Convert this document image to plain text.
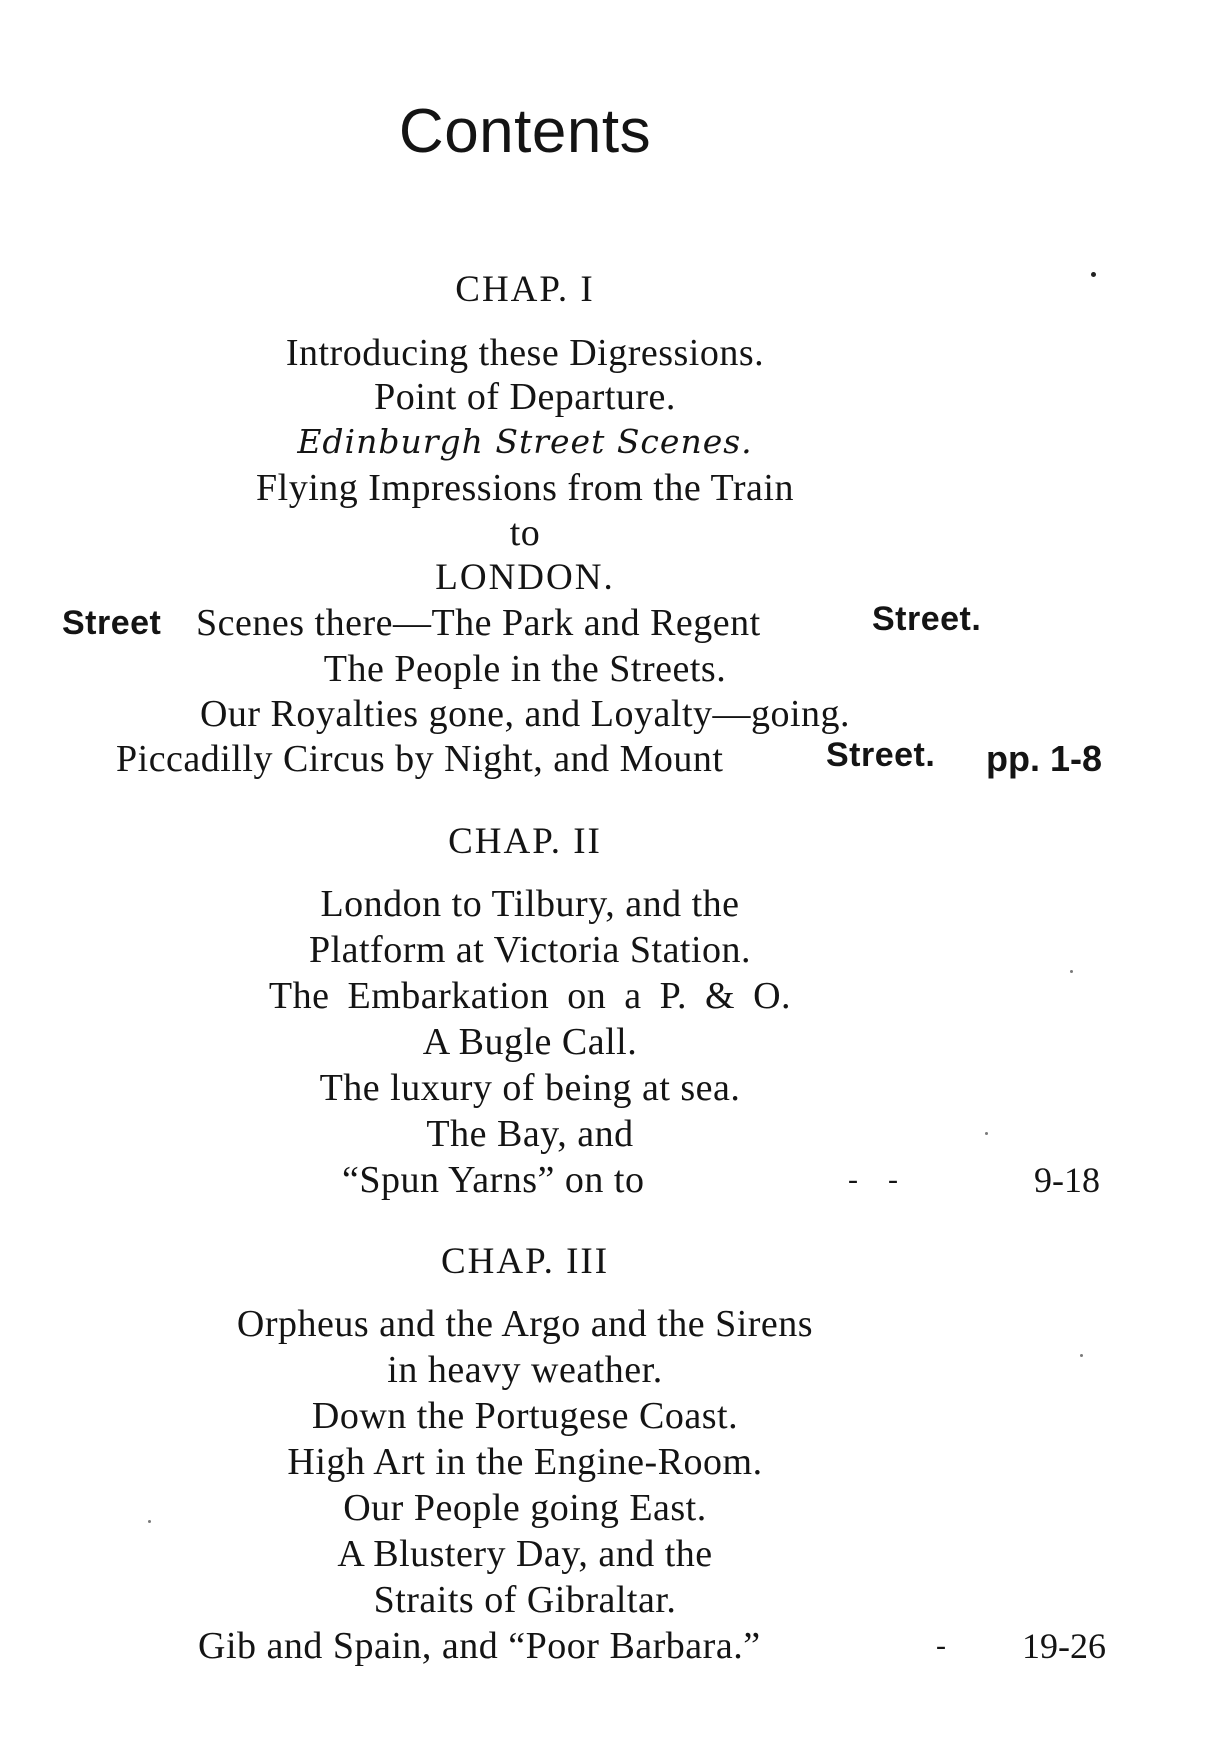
Contents
CHAP. I
Introducing these Digressions.
Point of Departure.
Edinburgh Street Scenes.
Flying Impressions from the Train
to
LONDON.
Street Scenes there—The Park and Regent	Street.
The People in the Streets.
Our Royalties gone, and Loyalty—going.
Piccadilly Circus by Night, and Mount	Street. pp. 1-8
CHAP. II
London to Tilbury, and the
Platform at Victoria Station.
The Embarkation on a P. & O.
A Bugle Call.
The luxury of being at sea.
The Bay, and
“Spun Yarns” on to	-    -	9-18
CHAP. III
Orpheus and the Argo and the Sirens
in heavy weather.
Down the Portugese Coast.
High Art in the Engine-Room.
Our People going East.
A Blustery Day, and the
Straits of Gibraltar.
Gib and Spain, and “Poor Barbara.”	- 19-26
